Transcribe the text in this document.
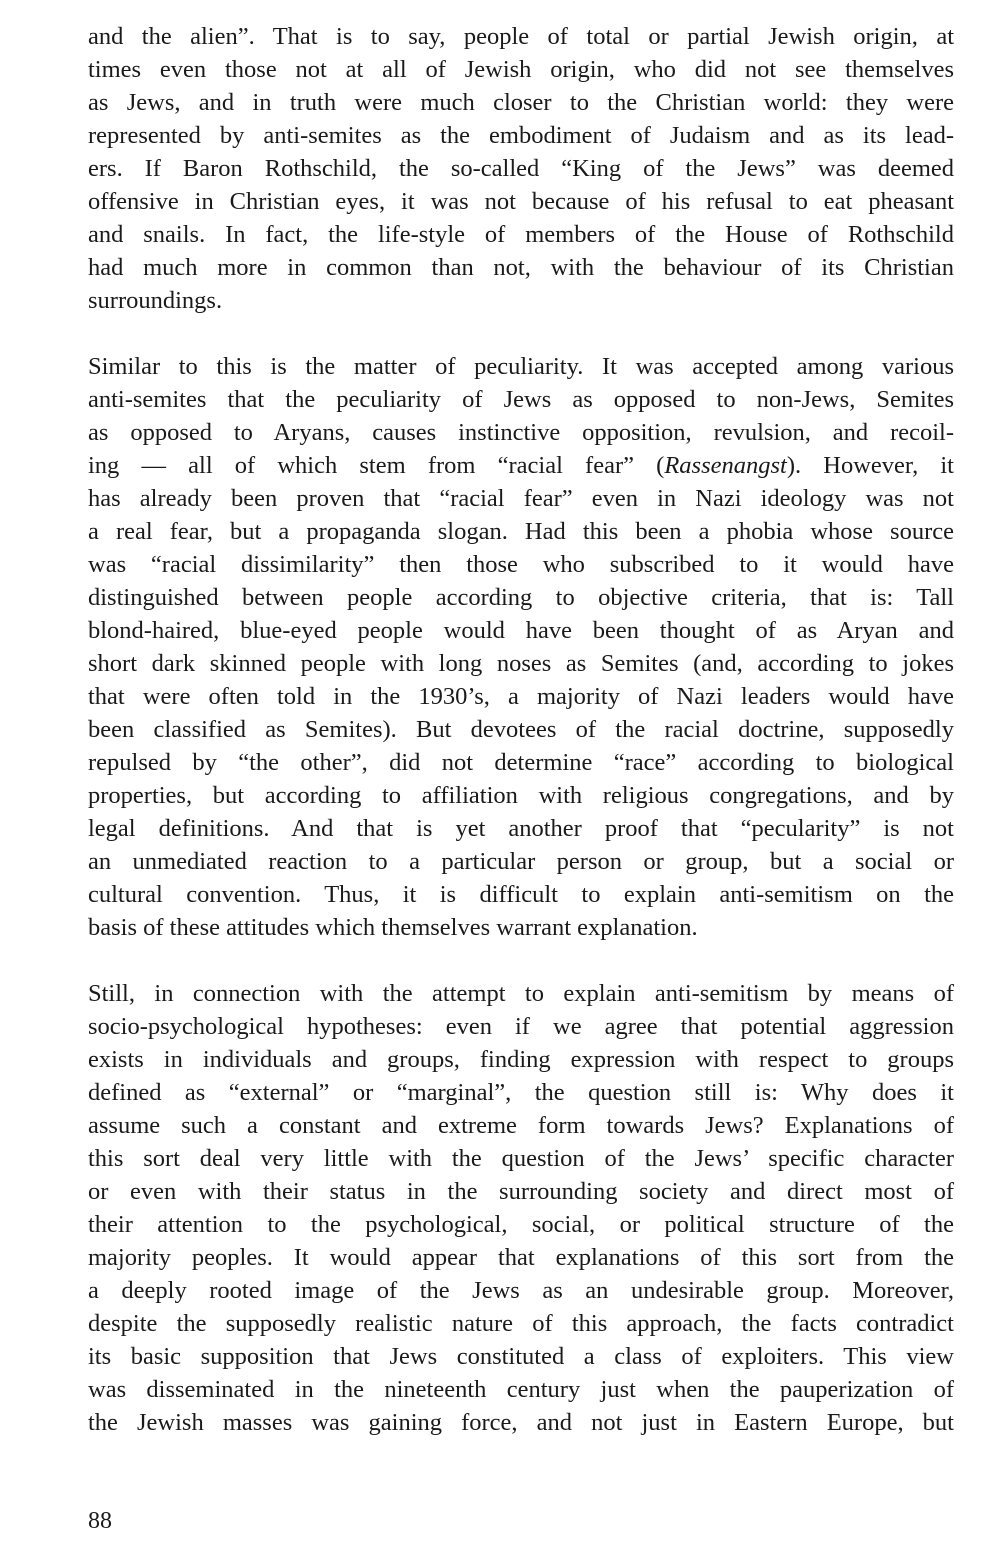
and the alien”. That is to say, people of total or partial Jewish origin, at
times even those not at all of Jewish origin, who did not see themselves
as Jews, and in truth were much closer to the Christian world: they were
represented by anti-semites as the embodiment of Judaism and as its lead-
ers. If Baron Rothschild, the so-called “King of the Jews” was deemed
offensive in Christian eyes, it was not because of his refusal to eat pheasant
and snails. In fact, the life-style of members of the House of Rothschild
had much more in common than not, with the behaviour of its Christian
surroundings.
Similar to this is the matter of peculiarity. It was accepted among various
anti-semites that the peculiarity of Jews as opposed to non-Jews, Semites
as opposed to Aryans, causes instinctive opposition, revulsion, and recoil-
ing — all of which stem from “racial fear” (Rassenangst). However, it
has already been proven that “racial fear” even in Nazi ideology was not
a real fear, but a propaganda slogan. Had this been a phobia whose source
was “racial dissimilarity” then those who subscribed to it would have
distinguished between people according to objective criteria, that is: Tall
blond-haired, blue-eyed people would have been thought of as Aryan and
short dark skinned people with long noses as Semites (and, according to jokes
that were often told in the 1930’s, a majority of Nazi leaders would have
been classified as Semites). But devotees of the racial doctrine, supposedly
repulsed by “the other”, did not determine “race” according to biological
properties, but according to affiliation with religious congregations, and by
legal definitions. And that is yet another proof that “pecularity” is not
an unmediated reaction to a particular person or group, but a social or
cultural convention. Thus, it is difficult to explain anti-semitism on the
basis of these attitudes which themselves warrant explanation.
Still, in connection with the attempt to explain anti-semitism by means of
socio-psychological hypotheses: even if we agree that potential aggression
exists in individuals and groups, finding expression with respect to groups
defined as “external” or “marginal”, the question still is: Why does it
assume such a constant and extreme form towards Jews? Explanations of
this sort deal very little with the question of the Jews’ specific character
or even with their status in the surrounding society and direct most of
their attention to the psychological, social, or political structure of the
majority peoples. It would appear that explanations of this sort from the
a deeply rooted image of the Jews as an undesirable group. Moreover,
despite the supposedly realistic nature of this approach, the facts contradict
its basic supposition that Jews constituted a class of exploiters. This view
was disseminated in the nineteenth century just when the pauperization of
the Jewish masses was gaining force, and not just in Eastern Europe, but
88
